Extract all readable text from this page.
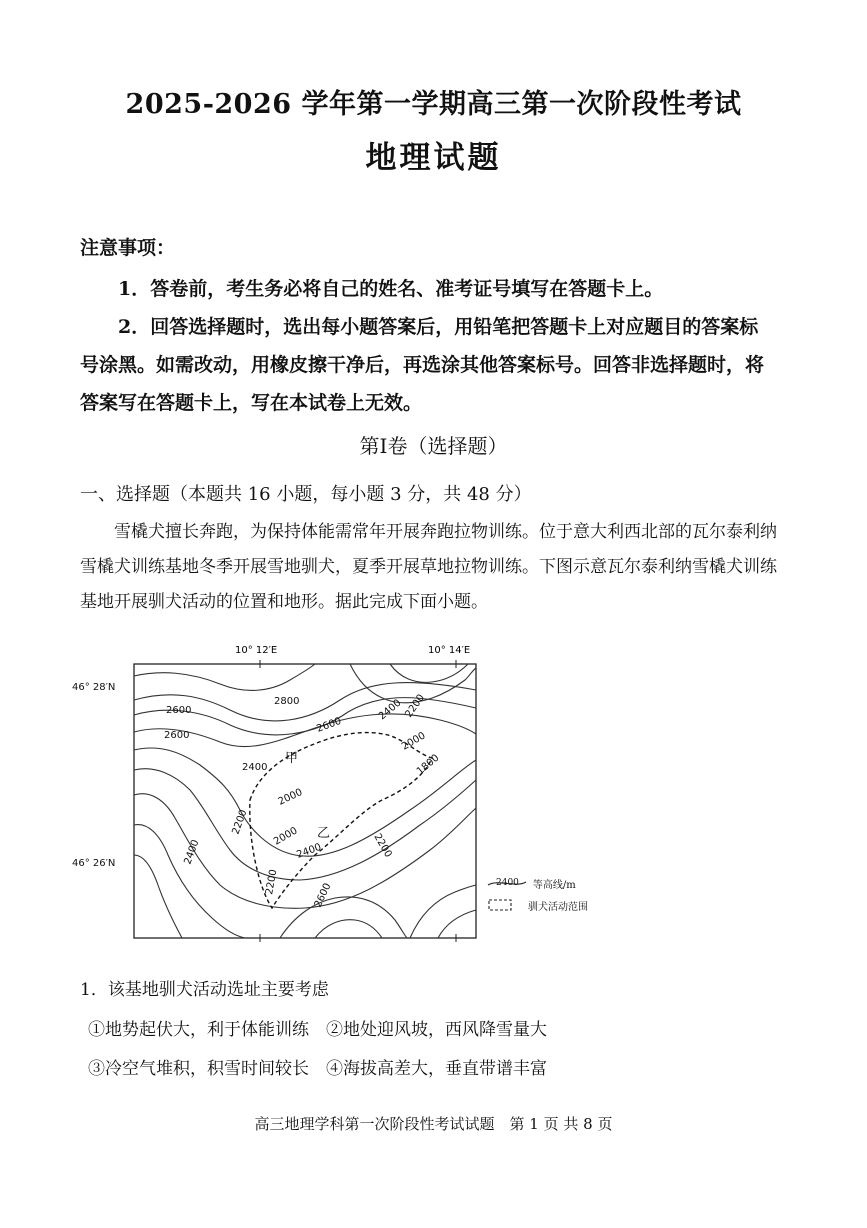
2025-2026 学年第一学期高三第一次阶段性考试
地理试题
注意事项：
1．答卷前，考生务必将自己的姓名、准考证号填写在答题卡上。
2．回答选择题时，选出每小题答案后，用铅笔把答题卡上对应题目的答案标号涂黑。如需改动，用橡皮擦干净后，再选涂其他答案标号。回答非选择题时，将答案写在答题卡上，写在本试卷上无效。
第Ⅰ卷（选择题）
一、选择题（本题共 16 小题，每小题 3 分，共 48 分）
雪橇犬擅长奔跑，为保持体能需常年开展奔跑拉物训练。位于意大利西北部的瓦尔泰利纳雪橇犬训练基地冬季开展雪地驯犬，夏季开展草地拉物训练。下图示意瓦尔泰利纳雪橇犬训练基地开展驯犬活动的位置和地形。据此完成下面小题。
10° 12′E	10° 14′E
2600
2600
2800
2600
2400 2200
2400
2000
1800
2200
2000
2000	2200
2400	2400
2200	2600
甲
乙
46° 28′N
46° 26′N
2400 等高线/m
驯犬活动范围
1．该基地驯犬活动选址主要考虑
①地势起伏大，利于体能训练　②地处迎风坡，西风降雪量大
③冷空气堆积，积雪时间较长　④海拔高差大，垂直带谱丰富
高三地理学科第一次阶段性考试试题　第 1 页 共 8 页
